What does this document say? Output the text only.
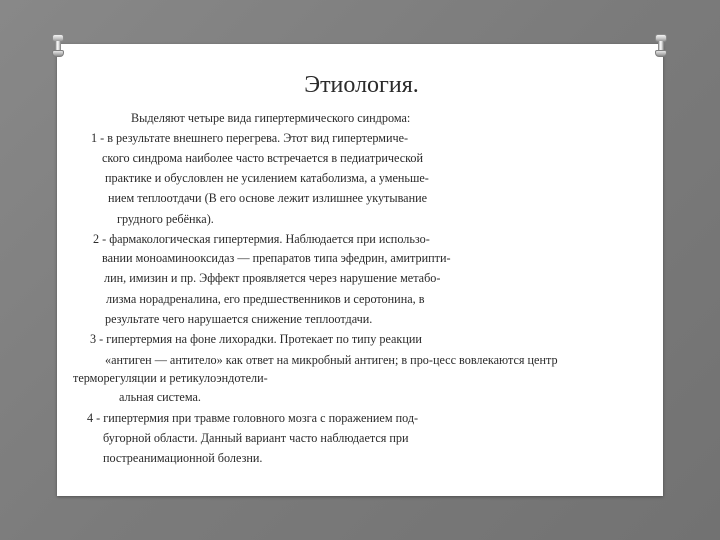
Этиология.
Выделяют четыре вида гипертермического синдрома:
1 - в результате внешнего перегрева. Этот вид гипертермиче-
ского синдрома наиболее часто встречается в педиатрической
практике и обусловлен не усилением катаболизма, а уменьше-
нием теплоотдачи (В его основе лежит излишнее укутывание
грудного ребёнка).
2 - фармакологическая гипертермия. Наблюдается при использо-
вании моноаминооксидаз — препаратов типа эфедрин, амитрипти-
лин, имизин и пр. Эффект проявляется через нарушение метабо-
лизма норадреналина, его предшественников и серотонина, в
результате чего нарушается снижение теплоотдачи.
3 - гипертермия на фоне лихорадки. Протекает по типу реакции
«антиген — антитело» как ответ на микробный антиген; в про-цесс вовлекаются центр
терморегуляции и ретикулоэндотели-
альная система.
4 - гипертермия при травме головного мозга с поражением под-
бугорной области. Данный вариант часто наблюдается при
постреанимационной болезни.
